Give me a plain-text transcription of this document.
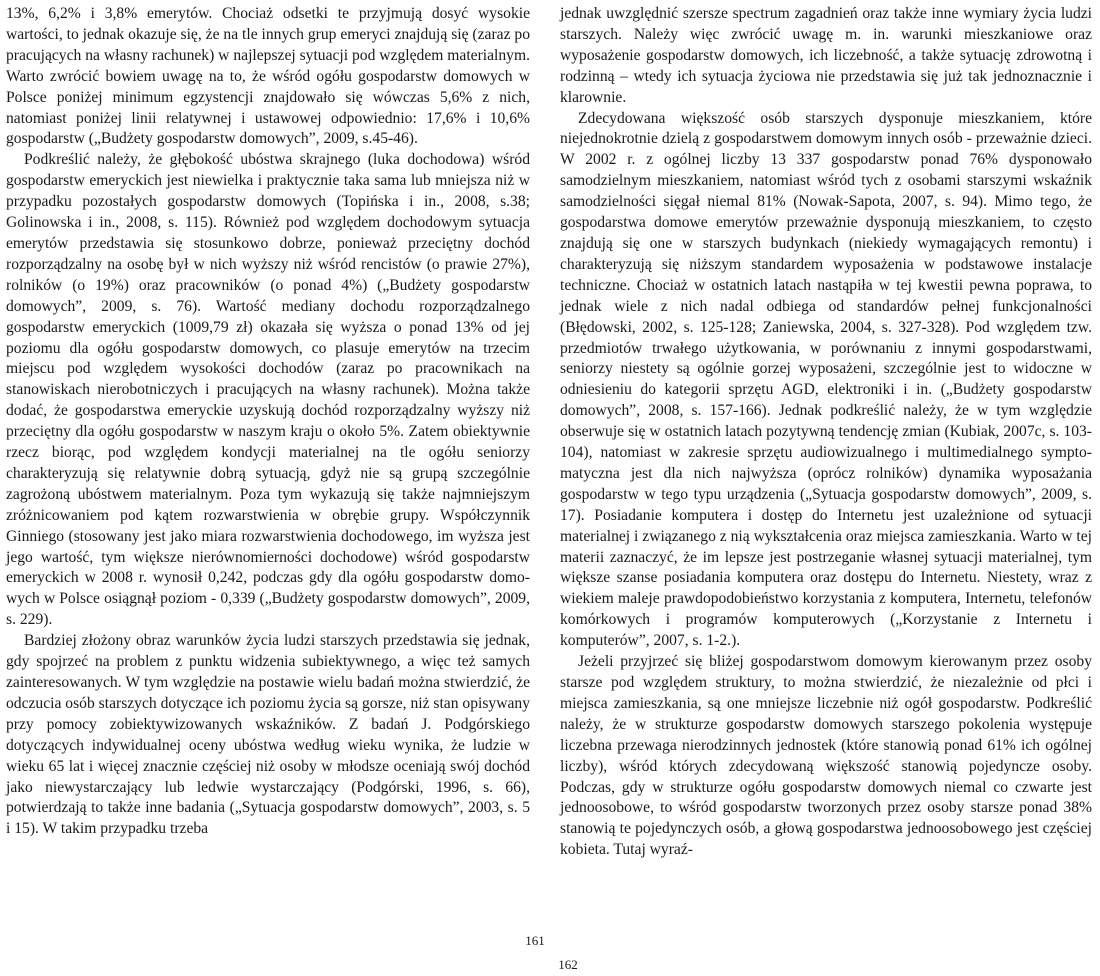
13%, 6,2% i 3,8% emerytów. Chociaż odsetki te przyjmują dosyć wysokie wartości, to jednak okazuje się, że na tle innych grup emeryci znajdują się (zaraz po pracujących na własny rachunek) w najlepszej sytuacji pod względem materialnym. Warto zwrócić bowiem uwagę na to, że wśród ogółu gospodarstw domowych w Polsce poniżej minimum egzystencji znajdowało się wówczas 5,6% z nich, natomiast poniżej linii relatywnej i ustawowej odpowiednio: 17,6% i 10,6% gospodarstw („Budżety gospodarstw domowych”, 2009, s.45-46).

Podkreślić należy, że głębokość ubóstwa skrajnego (luka dochodowa) wśród gospodarstw emeryckich jest niewielka i praktycznie taka sama lub mniejsza niż w przypadku pozostałych gospodarstw domowych (Topińska i in., 2008, s.38; Golinowska i in., 2008, s. 115). Również pod względem dochodowym sytuacja emerytów przedstawia się stosunkowo dobrze, ponieważ przeciętny dochód rozporządzalny na osobę był w nich wyższy niż wśród rencistów (o prawie 27%), rolników (o 19%) oraz pracowników (o ponad 4%) („Budżety gospodarstw domowych”, 2009, s. 76). Wartość mediany dochodu rozporządzalnego gospodarstw emeryckich (1009,79 zł) okazała się wyższa o ponad 13% od jej poziomu dla ogółu gospodarstw domowych, co plasuje emerytów na trzecim miejscu pod względem wysokości dochodów (zaraz po pracownikach na stanowiskach nierobotniczych i pracujących na własny rachunek). Można także dodać, że gospodarstwa emeryckie uzyskują dochód rozporządzalny wyższy niż przeciętny dla ogółu gospodarstw w naszym kraju o około 5%. Zatem obiektywnie rzecz biorąc, pod względem kondycji materialnej na tle ogółu seniorzy charakteryzują się relatywnie dobrą sytuacją, gdyż nie są grupą szczególnie zagrożoną ubóstwem materialnym. Poza tym wykazują się także najmniejszym zróżnicowaniem pod kątem rozwarstwienia w obrębie grupy. Współczynnik Ginniego (stosowany jest jako miara rozwarstwienia dochodowego, im wyższa jest jego wartość, tym większe nierównomierności dochodowe) wśród gospodarstw emeryckich w 2008 r. wynosił 0,242, podczas gdy dla ogółu gospodarstw domowych w Polsce osiągnął poziom - 0,339 („Budżety gospodarstw domowych”, 2009, s. 229).

Bardziej złożony obraz warunków życia ludzi starszych przedstawia się jednak, gdy spojrzeć na problem z punktu widzenia subiektywnego, a więc też samych zainteresowanych. W tym względzie na postawie wielu badań można stwierdzić, że odczucia osób starszych dotyczące ich poziomu życia są gorsze, niż stan opisywany przy pomocy zobiektywizowanych wskaźników. Z badań J. Podgórskiego dotyczących indywidualnej oceny ubóstwa według wieku wynika, że ludzie w wieku 65 lat i więcej znacznie częściej niż osoby w młodsze oceniają swój dochód jako niewystarczający lub ledwie wystarczający (Podgórski, 1996, s. 66), potwierdzają to także inne badania („Sytuacja gospodarstw domowych”, 2003, s. 5 i 15). W takim przypadku trzeba

jednak uwzględnić szersze spectrum zagadnień oraz także inne wymiary życia ludzi starszych. Należy więc zwrócić uwagę m. in. warunki mieszkaniowe oraz wyposażenie gospodarstw domowych, ich liczebność, a także sytuację zdrowotną i rodzinną – wtedy ich sytuacja życiowa nie przedstawia się już tak jednoznacznie i klarownie.

Zdecydowana większość osób starszych dysponuje mieszkaniem, które niejednokrotnie dzielą z gospodarstwem domowym innych osób - przeważnie dzieci. W 2002 r. z ogólnej liczby 13 337 gospodarstw ponad 76% dysponowało samodzielnym mieszkaniem, natomiast wśród tych z osobami starszymi wskaźnik samodzielności sięgał niemal 81% (Nowak-Sapota, 2007, s. 94). Mimo tego, że gospodarstwa domowe emerytów przeważnie dysponują mieszkaniem, to często znajdują się one w starszych budynkach (niekiedy wymagających remontu) i charakteryzują się niższym standardem wyposażenia w podstawowe instalacje techniczne. Chociaż w ostatnich latach nastąpiła w tej kwestii pewna poprawa, to jednak wiele z nich nadal odbiega od standardów pełnej funkcjonalności (Błędowski, 2002, s. 125-128; Zaniewska, 2004, s. 327-328). Pod względem tzw. przedmiotów trwałego użytkowania, w porównaniu z innymi gospodarstwami, seniorzy niestety są ogólnie gorzej wyposażeni, szczególnie jest to widoczne w odniesieniu do kategorii sprzętu AGD, elektroniki i in. („Budżety gospodarstw domowych”, 2008, s. 157-166). Jednak podkreślić należy, że w tym względzie obserwuje się w ostatnich latach pozytywną tendencję zmian (Kubiak, 2007c, s. 103-104), natomiast w zakresie sprzętu audiowizualnego i multimedialnego symptomatyczna jest dla nich najwyższa (oprócz rolników) dynamika wyposażania gospodarstw w tego typu urządzenia („Sytuacja gospodarstw domowych”, 2009, s. 17). Posiadanie komputera i dostęp do Internetu jest uzależnione od sytuacji materialnej i związanego z nią wykształcenia oraz miejsca zamieszkania. Warto w tej materii zaznaczyć, że im lepsze jest postrzeganie własnej sytuacji materialnej, tym większe szanse posiadania komputera oraz dostępu do Internetu. Niestety, wraz z wiekiem maleje prawdopodobieństwo korzystania z komputera, Internetu, telefonów komórkowych i programów komputerowych („Korzystanie z Internetu i komputerów”, 2007, s. 1-2.).

Jeżeli przyjrzeć się bliżej gospodarstwom domowym kierowanym przez osoby starsze pod względem struktury, to można stwierdzić, że niezależnie od płci i miejsca zamieszkania, są one mniejsze liczebnie niż ogół gospodarstw. Podkreślić należy, że w strukturze gospodarstw domowych starszego pokolenia występuje liczebna przewaga nierodzinnych jednostek (które stanowią ponad 61% ich ogólnej liczby), wśród których zdecydowaną większość stanowią pojedyncze osoby. Podczas, gdy w strukturze ogółu gospodarstw domowych niemal co czwarte jest jednoosobowe, to wśród gospodarstw tworzonych przez osoby starsze ponad 38% stanowią te pojedynczych osób, a głową gospodarstwa jednoosobowego jest częściej kobieta. Tutaj wyraź-

161
162
